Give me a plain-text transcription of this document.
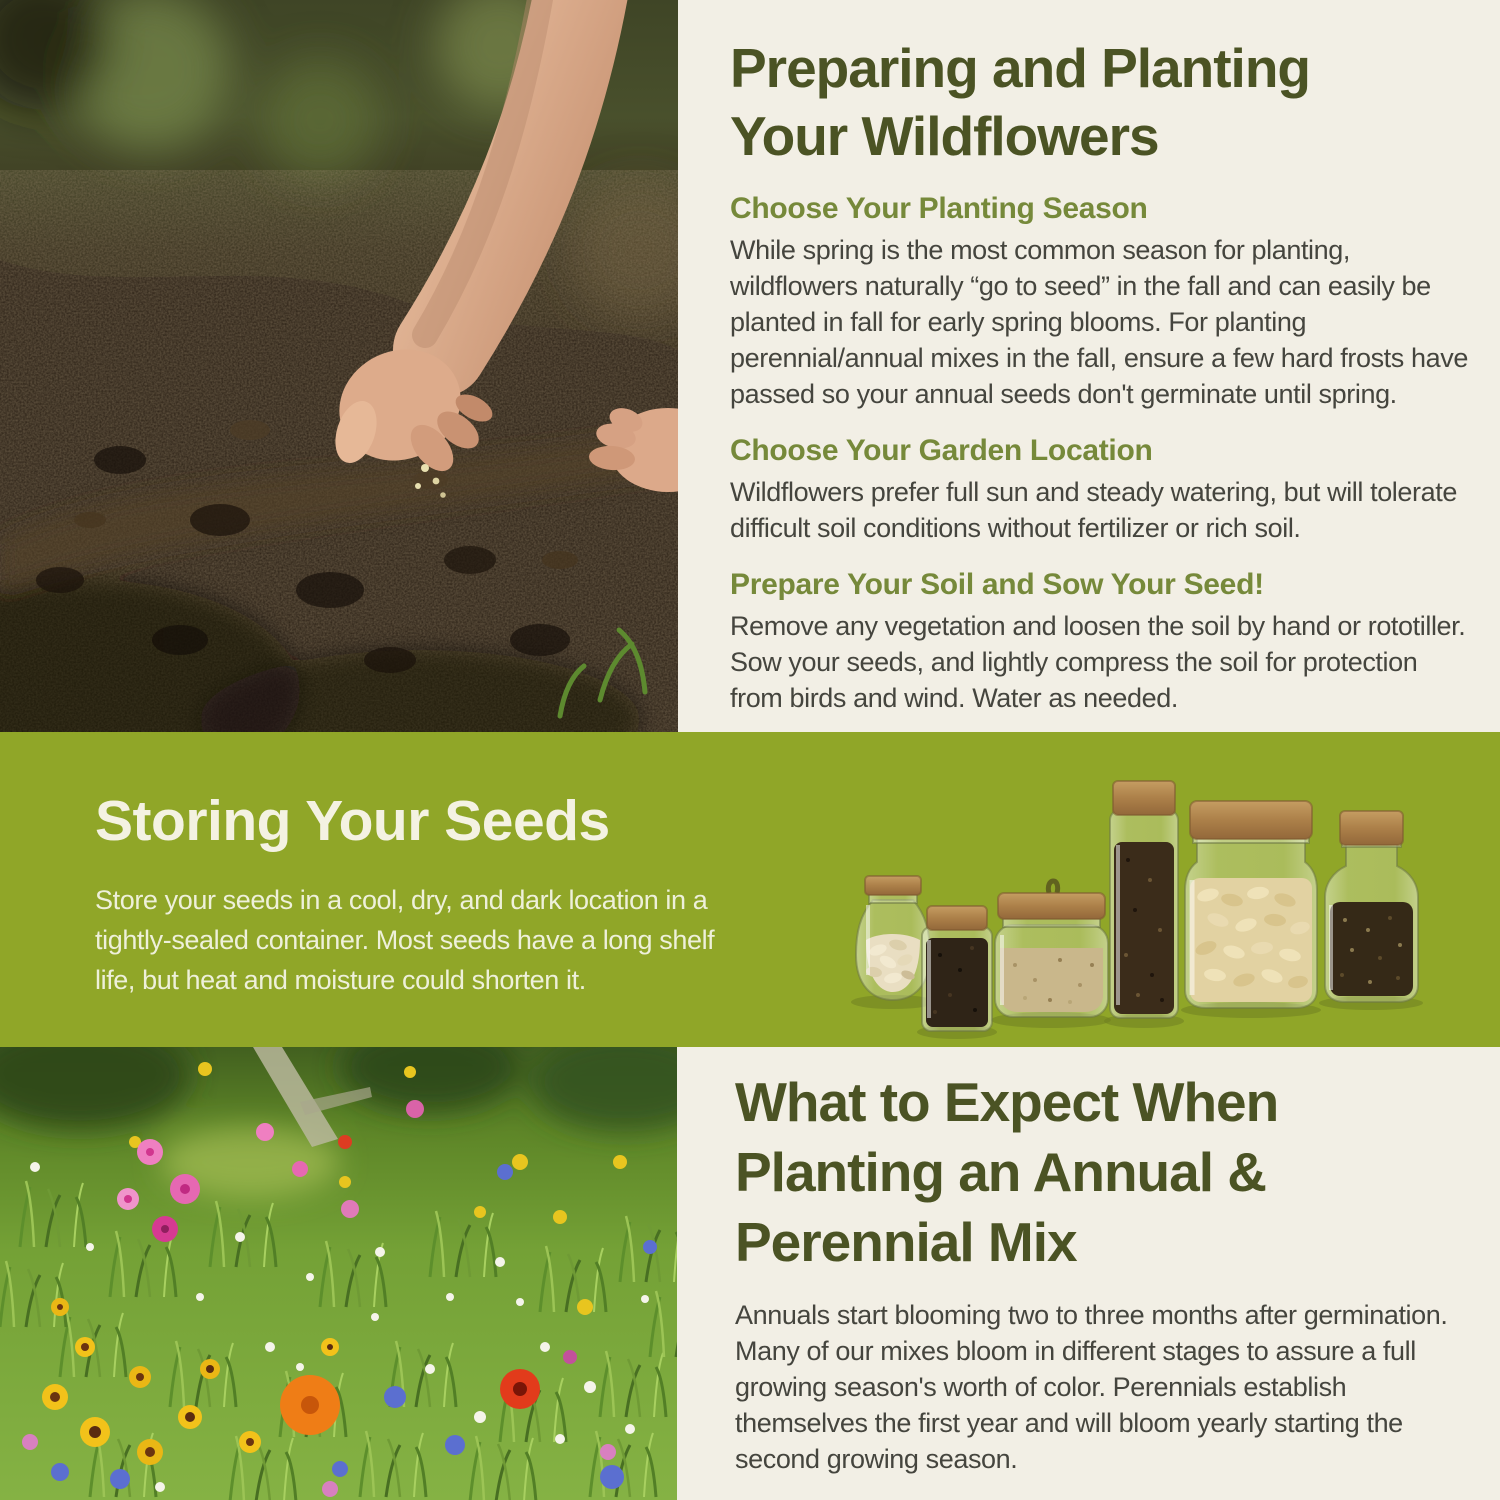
Preparing and Planting
Your Wildflowers
Choose Your Planting Season
While spring is the most common season for planting, wildflowers naturally “go to seed” in the fall and can easily be planted in fall for early spring blooms. For planting perennial/annual mixes in the fall, ensure a few hard frosts have passed so your annual seeds don't germinate until spring.
Choose Your Garden Location
Wildflowers prefer full sun and steady watering, but will tolerate difficult soil conditions without fertilizer or rich soil.
Prepare Your Soil and Sow Your Seed!
Remove any vegetation and loosen the soil by hand or rototiller. Sow your seeds, and lightly compress the soil for protection from birds and wind. Water as needed.
Storing Your Seeds
Store your seeds in a cool, dry, and dark location in a tightly-sealed container. Most seeds have a long shelf life, but heat and moisture could shorten it.
What to Expect When
Planting an Annual &
Perennial Mix
Annuals start blooming two to three months after germination. Many of our mixes bloom in different stages to assure a full growing season's worth of color. Perennials establish themselves the first year and will bloom yearly starting the second growing season.
